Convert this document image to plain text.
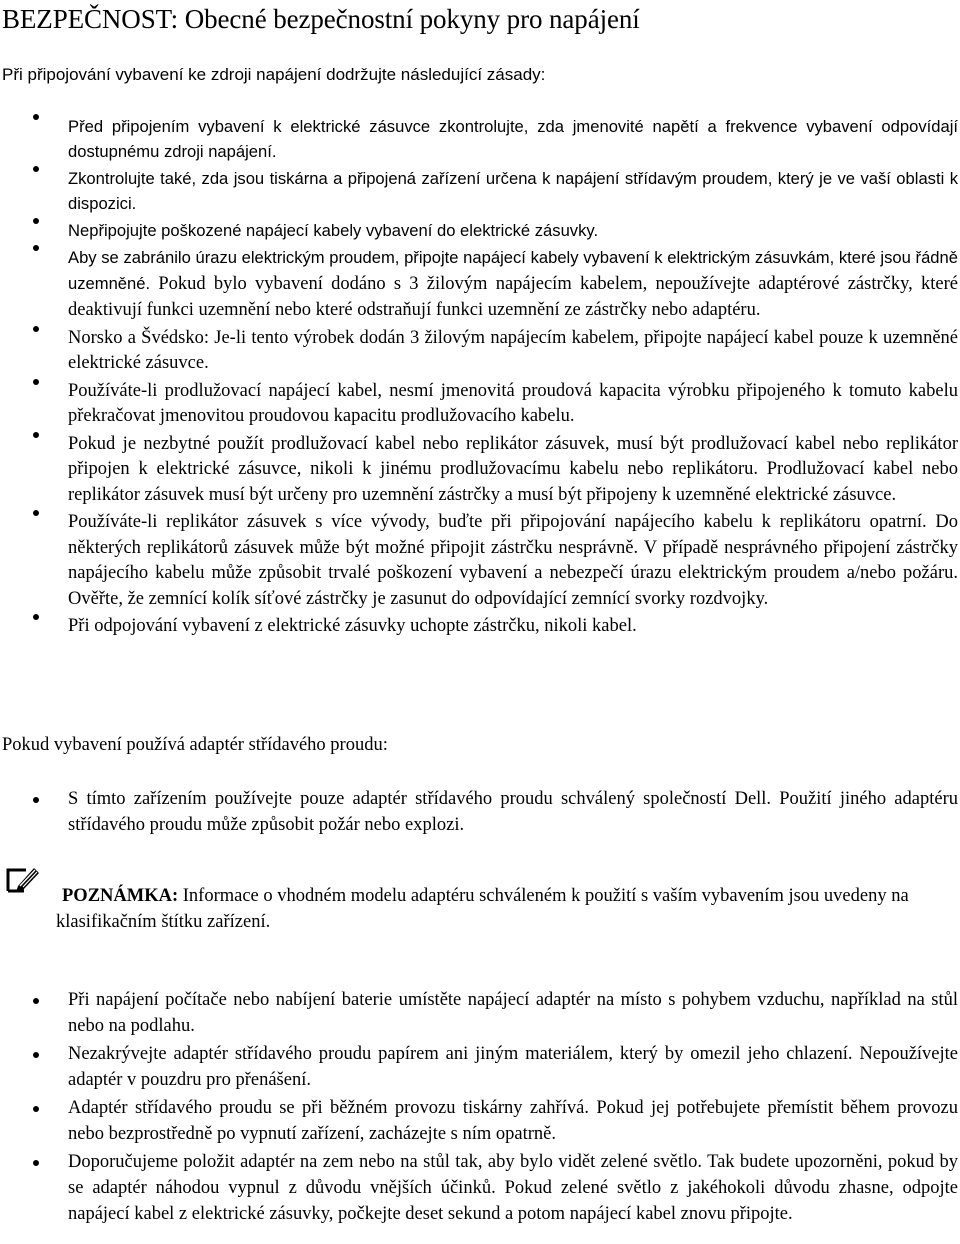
BEZPEČNOST: Obecné bezpečnostní pokyny pro napájení

Při připojování vybavení ke zdroji napájení dodržujte následující zásady:

Před připojením vybavení k elektrické zásuvce zkontrolujte, zda jmenovité napětí a frekvence vybavení odpovídají dostupnému zdroji napájení.
Zkontrolujte také, zda jsou tiskárna a připojená zařízení určena k napájení střídavým proudem, který je ve vaší oblasti k dispozici.
Nepřipojujte poškozené napájecí kabely vybavení do elektrické zásuvky.
Aby se zabránilo úrazu elektrickým proudem, připojte napájecí kabely vybavení k elektrickým zásuvkám, které jsou řádně uzemněné. Pokud bylo vybavení dodáno s 3 žilovým napájecím kabelem, nepoužívejte adaptérové zástrčky, které deaktivují funkci uzemnění nebo které odstraňují funkci uzemnění ze zástrčky nebo adaptéru.
Norsko a Švédsko: Je-li tento výrobek dodán 3 žilovým napájecím kabelem, připojte napájecí kabel pouze k uzemněné elektrické zásuvce.
Používáte-li prodlužovací napájecí kabel, nesmí jmenovitá proudová kapacita výrobku připojeného k tomuto kabelu překračovat jmenovitou proudovou kapacitu prodlužovacího kabelu.
Pokud je nezbytné použít prodlužovací kabel nebo replikátor zásuvek, musí být prodlužovací kabel nebo replikátor připojen k elektrické zásuvce, nikoli k jinému prodlužovacímu kabelu nebo replikátoru. Prodlužovací kabel nebo replikátor zásuvek musí být určeny pro uzemnění zástrčky a musí být připojeny k uzemněné elektrické zásuvce.
Používáte-li replikátor zásuvek s více vývody, buďte při připojování napájecího kabelu k replikátoru opatrní. Do některých replikátorů zásuvek může být možné připojit zástrčku nesprávně. V případě nesprávného připojení zástrčky napájecího kabelu může způsobit trvalé poškození vybavení a nebezpečí úrazu elektrickým proudem a/nebo požáru. Ověřte, že zemnící kolík síťové zástrčky je zasunut do odpovídající zemnící svorky rozdvojky.
Při odpojování vybavení z elektrické zásuvky uchopte zástrčku, nikoli kabel.

Pokud vybavení používá adaptér střídavého proudu:

S tímto zařízením používejte pouze adaptér střídavého proudu schválený společností Dell. Použití jiného adaptéru střídavého proudu může způsobit požár nebo explozi.

POZNÁMKA: Informace o vhodném modelu adaptéru schváleném k použití s vaším vybavením jsou uvedeny na klasifikačním štítku zařízení.

Při napájení počítače nebo nabíjení baterie umístěte napájecí adaptér na místo s pohybem vzduchu, například na stůl nebo na podlahu.
Nezakrývejte adaptér střídavého proudu papírem ani jiným materiálem, který by omezil jeho chlazení. Nepoužívejte adaptér v pouzdru pro přenášení.
Adaptér střídavého proudu se při běžném provozu tiskárny zahřívá. Pokud jej potřebujete přemístit během provozu nebo bezprostředně po vypnutí zařízení, zacházejte s ním opatrně.
Doporučujeme položit adaptér na zem nebo na stůl tak, aby bylo vidět zelené světlo. Tak budete upozorněni, pokud by se adaptér náhodou vypnul z důvodu vnějších účinků. Pokud zelené světlo z jakéhokoli důvodu zhasne, odpojte napájecí kabel z elektrické zásuvky, počkejte deset sekund a potom napájecí kabel znovu připojte.
